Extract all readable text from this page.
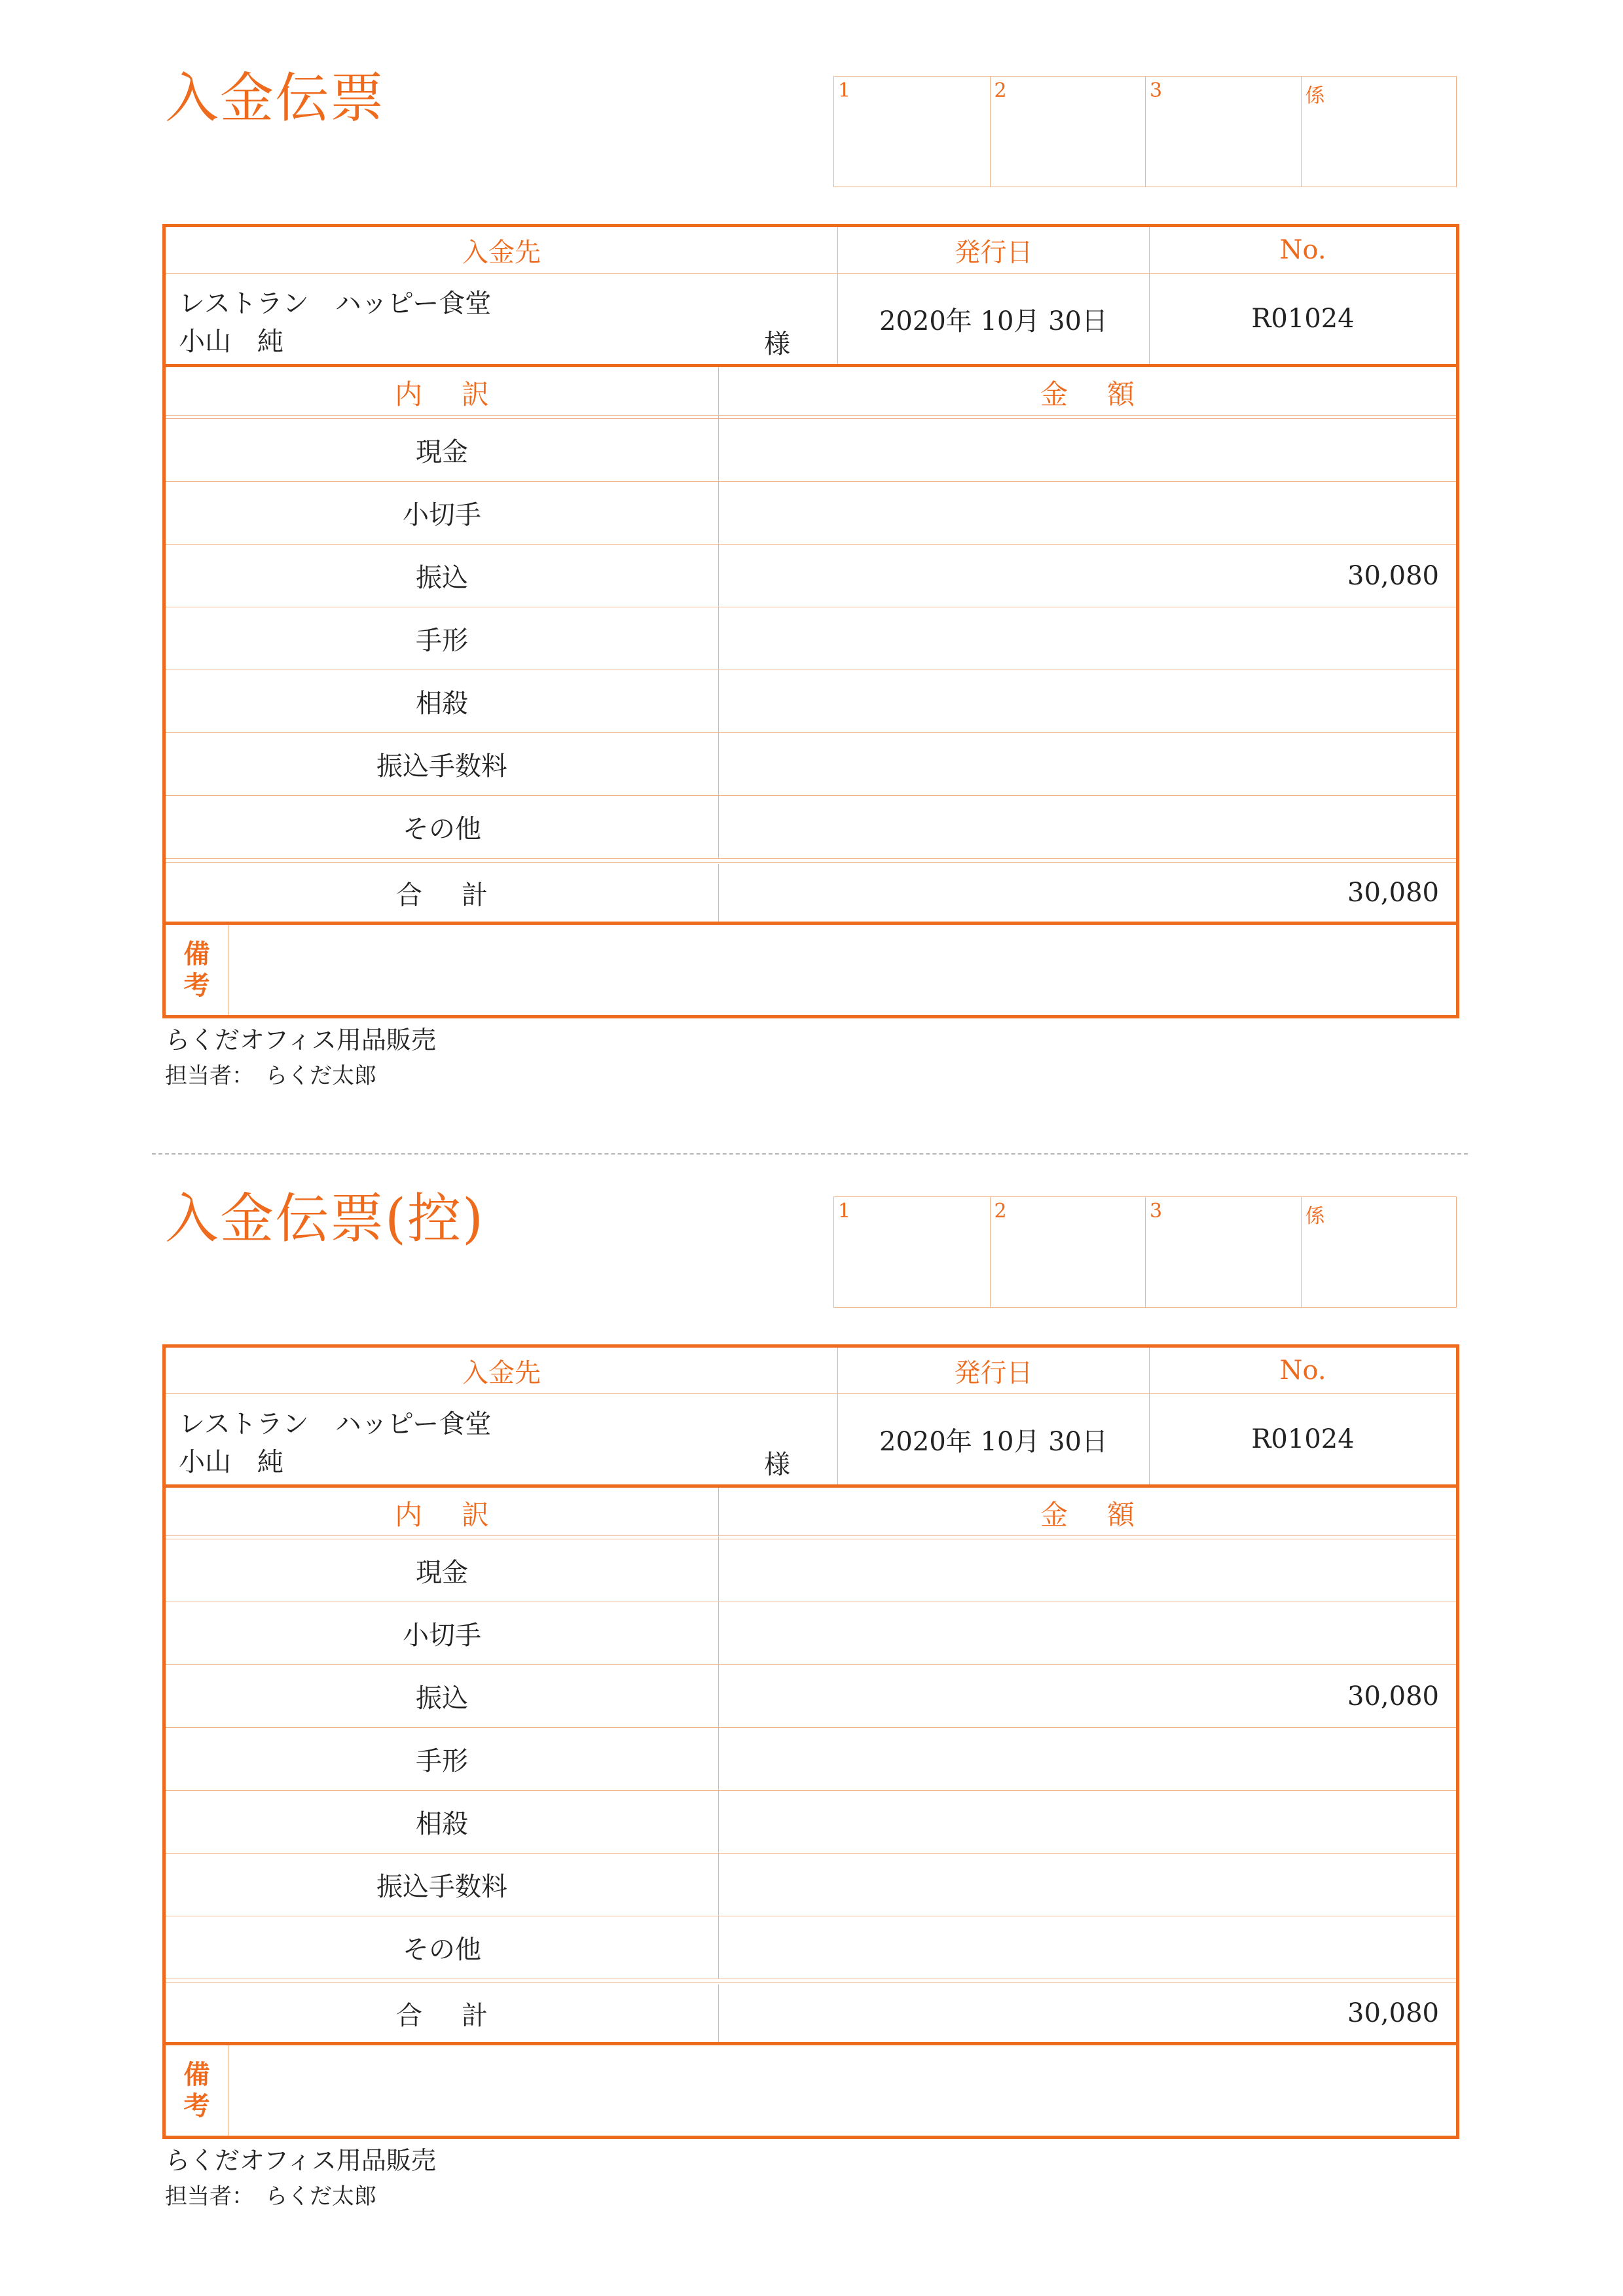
入金伝票	1	2	3	係
入金先	発行日	No.
レストラン　ハッピー食堂
小山　純	様
2020年 10月 30日	R01024
内訳	金額
現金
小切手
振込	30,080
手形
相殺
振込手数料
その他
合計	30,080
備
考
らくだオフィス用品販売
担当者：　らくだ太郎
入金伝票(控)	1	2	3	係
入金先	発行日	No.
レストラン　ハッピー食堂
小山　純	様
2020年 10月 30日	R01024
内訳	金額
現金
小切手
振込	30,080
手形
相殺
振込手数料
その他
合計	30,080
備
考
らくだオフィス用品販売
担当者：　らくだ太郎
